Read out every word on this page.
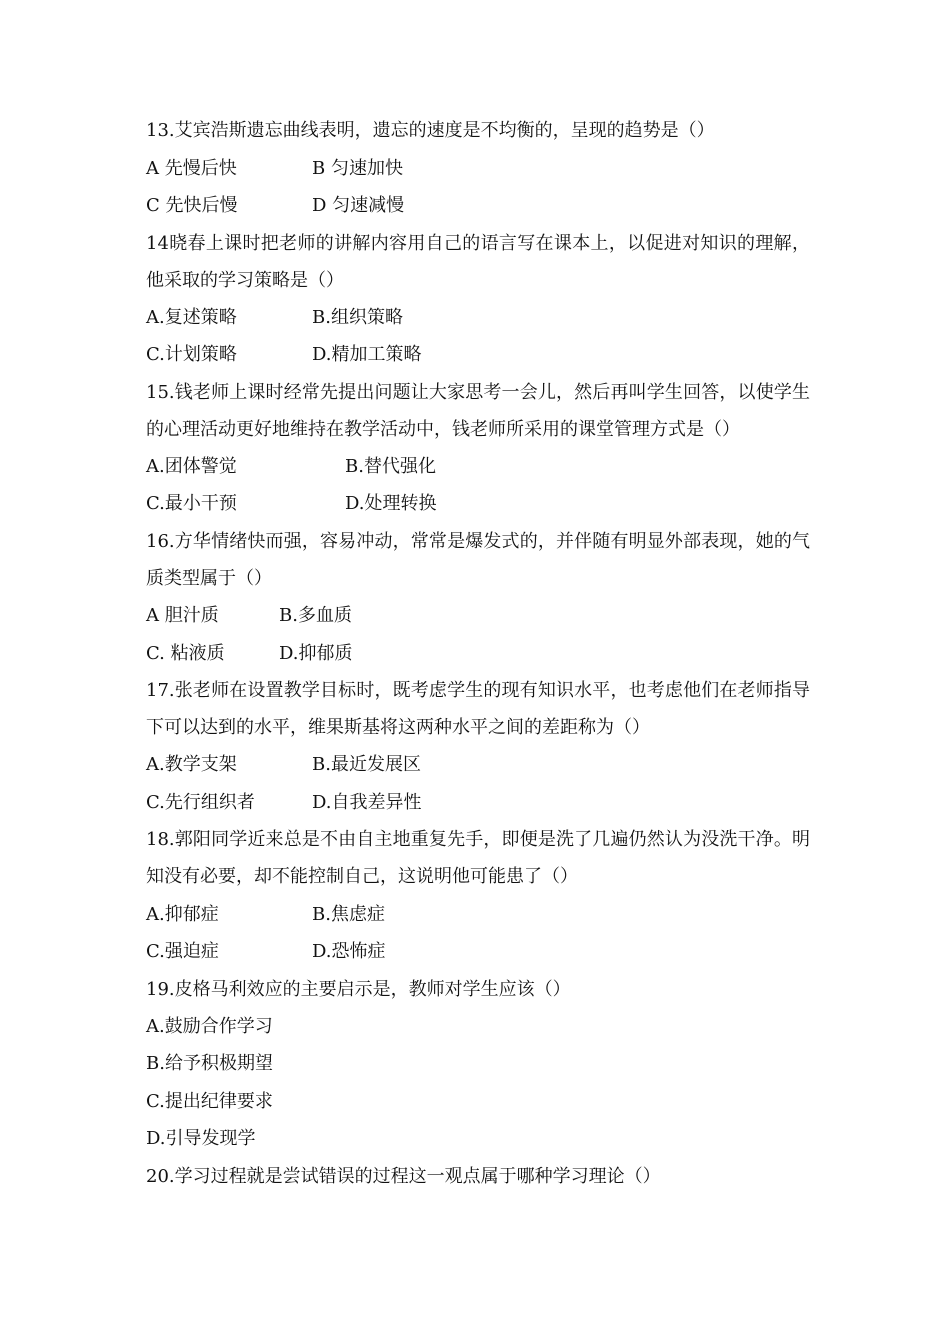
13.艾宾浩斯遗忘曲线表明，遗忘的速度是不均衡的，呈现的趋势是（）
A 先慢后快	B 匀速加快
C 先快后慢	D 匀速减慢
14晓春上课时把老师的讲解内容用自己的语言写在课本上，以促进对知识的理解，他采取的学习策略是（）
A.复述策略	B.组织策略
C.计划策略	D.精加工策略
15.钱老师上课时经常先提出问题让大家思考一会儿，然后再叫学生回答，以使学生的心理活动更好地维持在教学活动中，钱老师所采用的课堂管理方式是（）
A.团体警觉	B.替代强化
C.最小干预	D.处理转换
16.方华情绪快而强，容易冲动，常常是爆发式的，并伴随有明显外部表现，她的气质类型属于（）
A 胆汁质	B.多血质
C. 粘液质	D.抑郁质
17.张老师在设置教学目标时，既考虑学生的现有知识水平，也考虑他们在老师指导下可以达到的水平，维果斯基将这两种水平之间的差距称为（）
A.教学支架	B.最近发展区
C.先行组织者	D.自我差异性
18.郭阳同学近来总是不由自主地重复先手，即便是洗了几遍仍然认为没洗干净。明知没有必要，却不能控制自己，这说明他可能患了（）
A.抑郁症	B.焦虑症
C.强迫症	D.恐怖症
19.皮格马利效应的主要启示是，教师对学生应该（）
A.鼓励合作学习
B.给予积极期望
C.提出纪律要求
D.引导发现学
20.学习过程就是尝试错误的过程这一观点属于哪种学习理论（）
